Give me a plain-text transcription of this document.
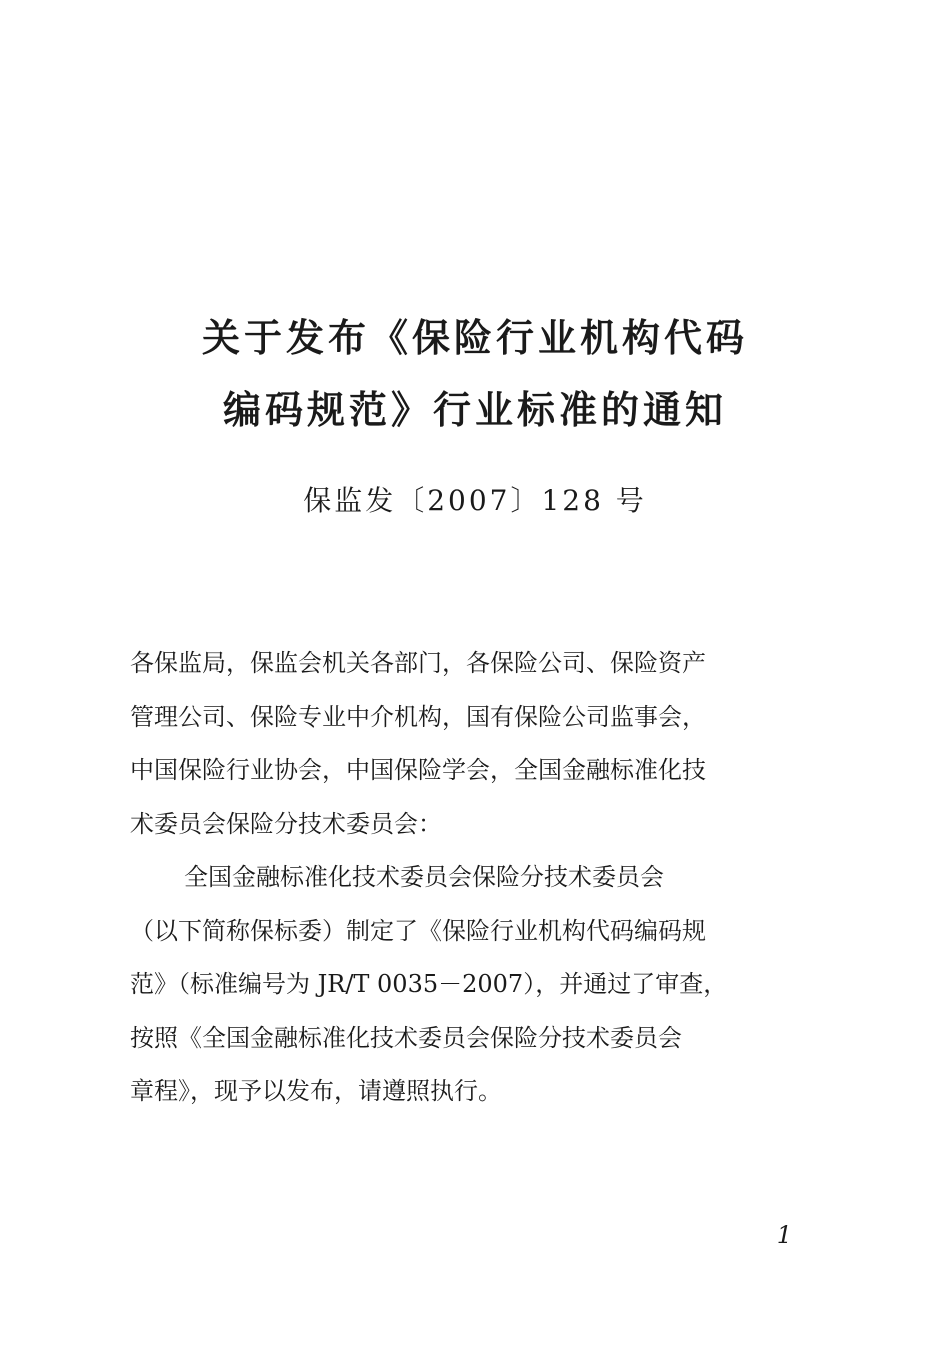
关于发布《保险行业机构代码
编码规范》行业标准的通知
保监发〔2007〕128 号
各保监局，保监会机关各部门，各保险公司、保险资产
管理公司、保险专业中介机构，国有保险公司监事会，
中国保险行业协会，中国保险学会，全国金融标准化技
术委员会保险分技术委员会：
全国金融标准化技术委员会保险分技术委员会
（以下简称保标委）制定了《保险行业机构代码编码规
范》（标准编号为 JR/T 0035－2007），并通过了审查，
按照《全国金融标准化技术委员会保险分技术委员会
章程》，现予以发布，请遵照执行。
1
